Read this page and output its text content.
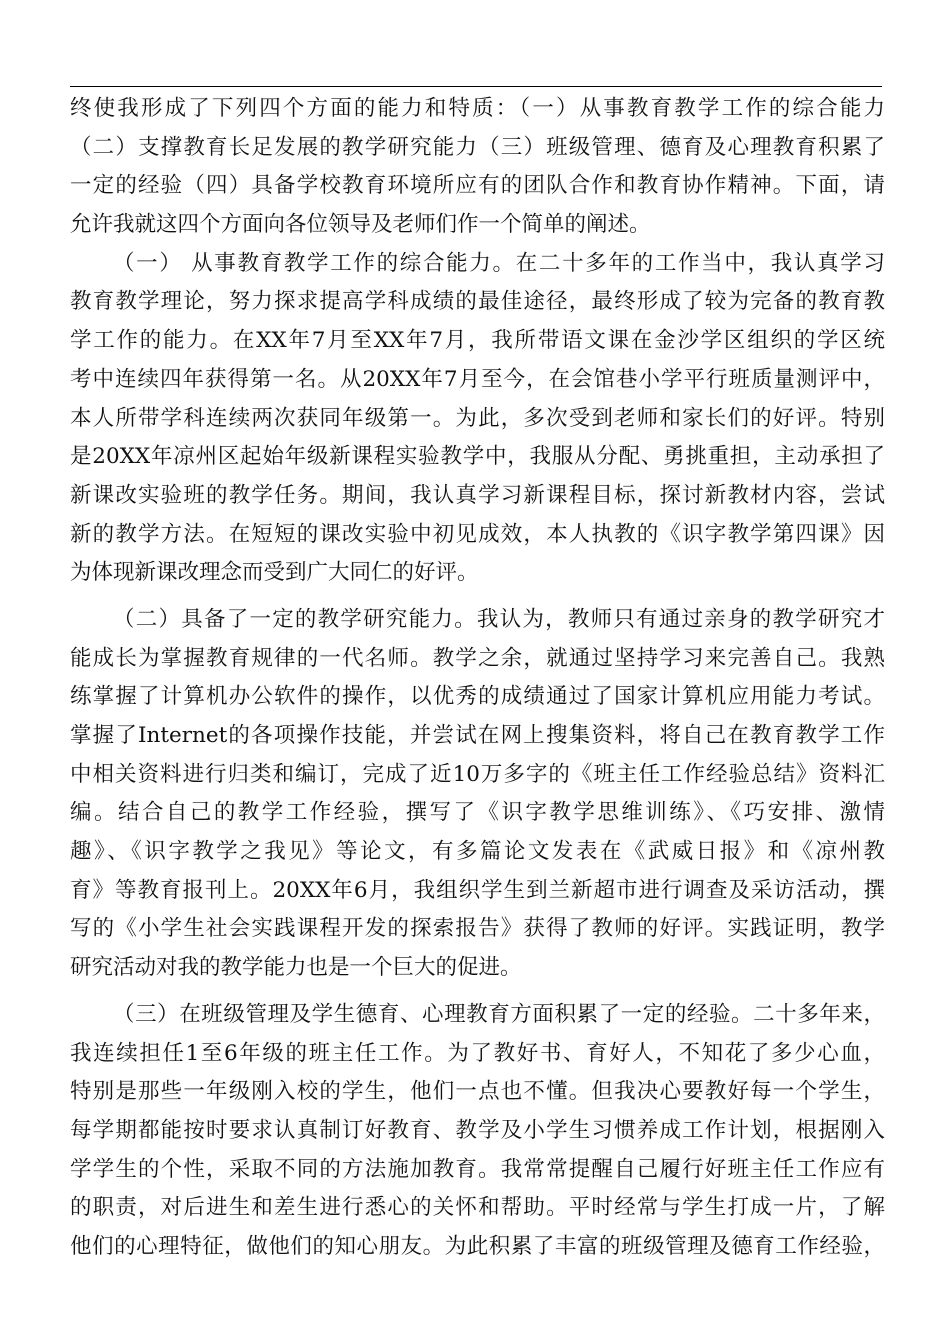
终使我形成了下列四个方面的能力和特质：（一）从事教育教学工作的综合能力
（二）支撑教育长足发展的教学研究能力（三）班级管理、德育及心理教育积累了
一定的经验（四）具备学校教育环境所应有的团队合作和教育协作精神。下面，请
允许我就这四个方面向各位领导及老师们作一个简单的阐述。
（一） 从事教育教学工作的综合能力。在二十多年的工作当中，我认真学习
教育教学理论，努力探求提高学科成绩的最佳途径，最终形成了较为完备的教育教
学工作的能力。在XX年7月至XX年7月，我所带语文课在金沙学区组织的学区统
考中连续四年获得第一名。从20XX年7月至今，在会馆巷小学平行班质量测评中，
本人所带学科连续两次获同年级第一。为此，多次受到老师和家长们的好评。特别
是20XX年凉州区起始年级新课程实验教学中，我服从分配、勇挑重担，主动承担了
新课改实验班的教学任务。期间，我认真学习新课程目标，探讨新教材内容，尝试
新的教学方法。在短短的课改实验中初见成效，本人执教的《识字教学第四课》因
为体现新课改理念而受到广大同仁的好评。
（二）具备了一定的教学研究能力。我认为，教师只有通过亲身的教学研究才
能成长为掌握教育规律的一代名师。教学之余，就通过坚持学习来完善自己。我熟
练掌握了计算机办公软件的操作，以优秀的成绩通过了国家计算机应用能力考试。
掌握了Internet的各项操作技能，并尝试在网上搜集资料，将自己在教育教学工作
中相关资料进行归类和编订，完成了近10万多字的《班主任工作经验总结》资料汇
编。结合自己的教学工作经验，撰写了《识字教学思维训练》、《巧安排、激情
趣》、《识字教学之我见》等论文，有多篇论文发表在《武威日报》和《凉州教
育》等教育报刊上。20XX年6月，我组织学生到兰新超市进行调查及采访活动，撰
写的《小学生社会实践课程开发的探索报告》获得了教师的好评。实践证明，教学
研究活动对我的教学能力也是一个巨大的促进。
（三）在班级管理及学生德育、心理教育方面积累了一定的经验。二十多年来，
我连续担任1至6年级的班主任工作。为了教好书、育好人，不知花了多少心血，
特别是那些一年级刚入校的学生，他们一点也不懂。但我决心要教好每一个学生，
每学期都能按时要求认真制订好教育、教学及小学生习惯养成工作计划，根据刚入
学学生的个性，采取不同的方法施加教育。我常常提醒自己履行好班主任工作应有
的职责，对后进生和差生进行悉心的关怀和帮助。平时经常与学生打成一片，了解
他们的心理特征，做他们的知心朋友。为此积累了丰富的班级管理及德育工作经验，
